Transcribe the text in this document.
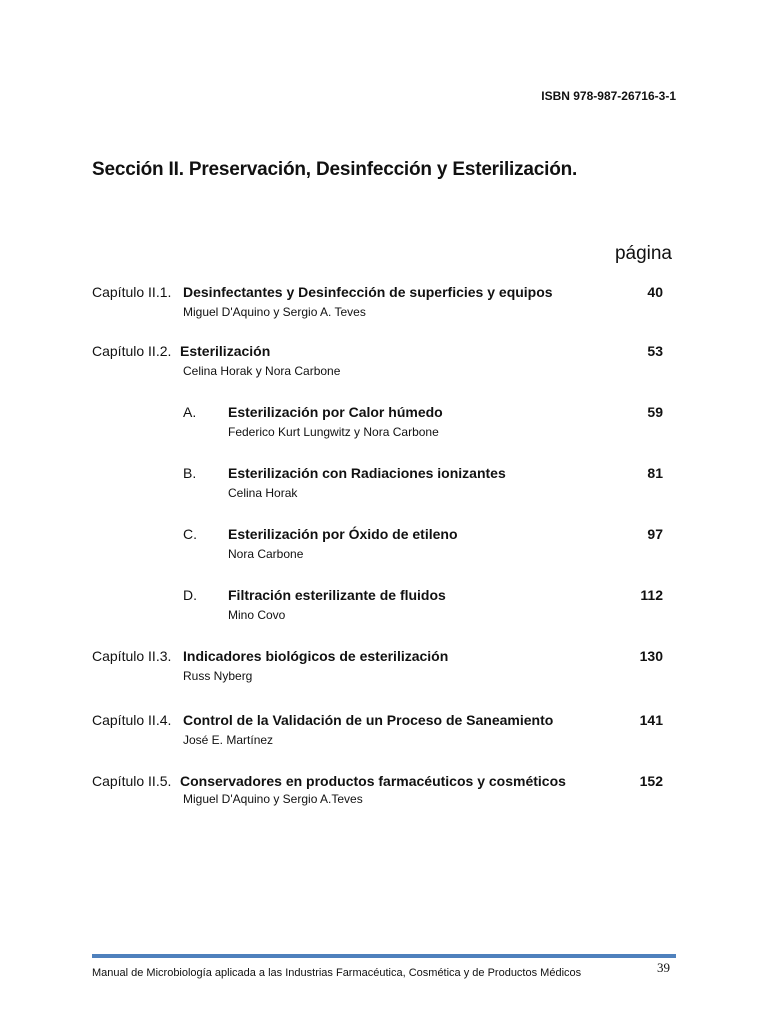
ISBN 978-987-26716-3-1
Sección II. Preservación, Desinfección y Esterilización.
página
Capítulo II.1. Desinfectantes y Desinfección de superficies y equipos	40
Miguel D'Aquino y Sergio A. Teves
Capítulo II.2. Esterilización	53
Celina Horak y Nora Carbone
A. Esterilización por Calor húmedo	59
Federico Kurt Lungwitz y Nora Carbone
B. Esterilización con Radiaciones ionizantes	81
Celina Horak
C. Esterilización por Óxido de etileno	97
Nora Carbone
D. Filtración esterilizante de fluidos	112
Mino Covo
Capítulo II.3. Indicadores biológicos de esterilización	130
Russ Nyberg
Capítulo II.4. Control de la Validación de un Proceso de Saneamiento	141
José E. Martínez
Capítulo II.5. Conservadores en productos farmacéuticos y cosméticos	152
Miguel D'Aquino y Sergio A.Teves
Manual de Microbiología aplicada a las Industrias Farmacéutica, Cosmética y de Productos Médicos	39
